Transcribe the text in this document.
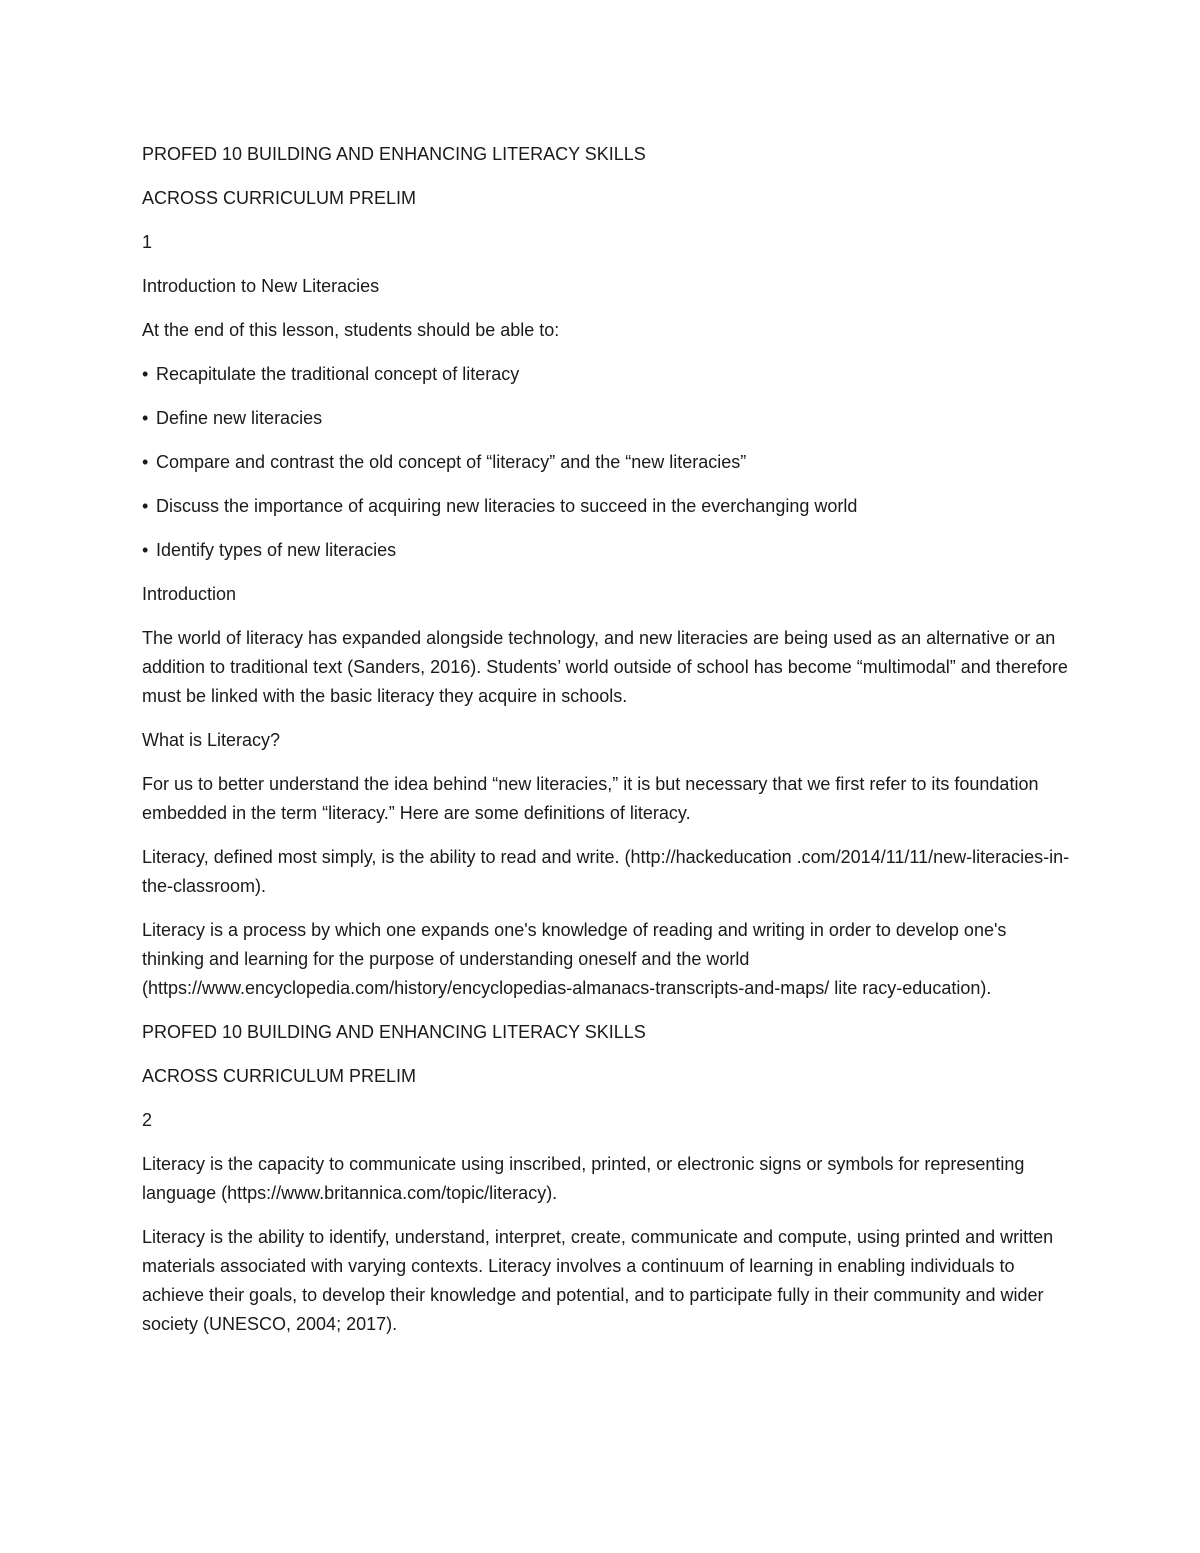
PROFED 10 BUILDING AND ENHANCING LITERACY SKILLS

ACROSS CURRICULUM PRELIM

1

Introduction to New Literacies

At the end of this lesson, students should be able to:

• Recapitulate the traditional concept of literacy

• Define new literacies

• Compare and contrast the old concept of “literacy” and the “new literacies”

• Discuss the importance of acquiring new literacies to succeed in the everchanging world

• Identify types of new literacies

Introduction

The world of literacy has expanded alongside technology, and new literacies are being used as an alternative or an addition to traditional text (Sanders, 2016). Students’ world outside of school has become “multimodal” and therefore must be linked with the basic literacy they acquire in schools.

What is Literacy?

For us to better understand the idea behind “new literacies,” it is but necessary that we first refer to its foundation embedded in the term “literacy.” Here are some definitions of literacy.

Literacy, defined most simply, is the ability to read and write. (http://hackeducation .com/2014/11/11/new-literacies-in-the-classroom).

Literacy is a process by which one expands one's knowledge of reading and writing in order to develop one's thinking and learning for the purpose of understanding oneself and the world (https://www.encyclopedia.com/history/encyclopedias-almanacs-transcripts-and-maps/ lite racy-education).

PROFED 10 BUILDING AND ENHANCING LITERACY SKILLS

ACROSS CURRICULUM PRELIM

2

Literacy is the capacity to communicate using inscribed, printed, or electronic signs or symbols for representing language (https://www.britannica.com/topic/literacy).

Literacy is the ability to identify, understand, interpret, create, communicate and compute, using printed and written materials associated with varying contexts. Literacy involves a continuum of learning in enabling individuals to achieve their goals, to develop their knowledge and potential, and to participate fully in their community and wider society (UNESCO, 2004; 2017).
